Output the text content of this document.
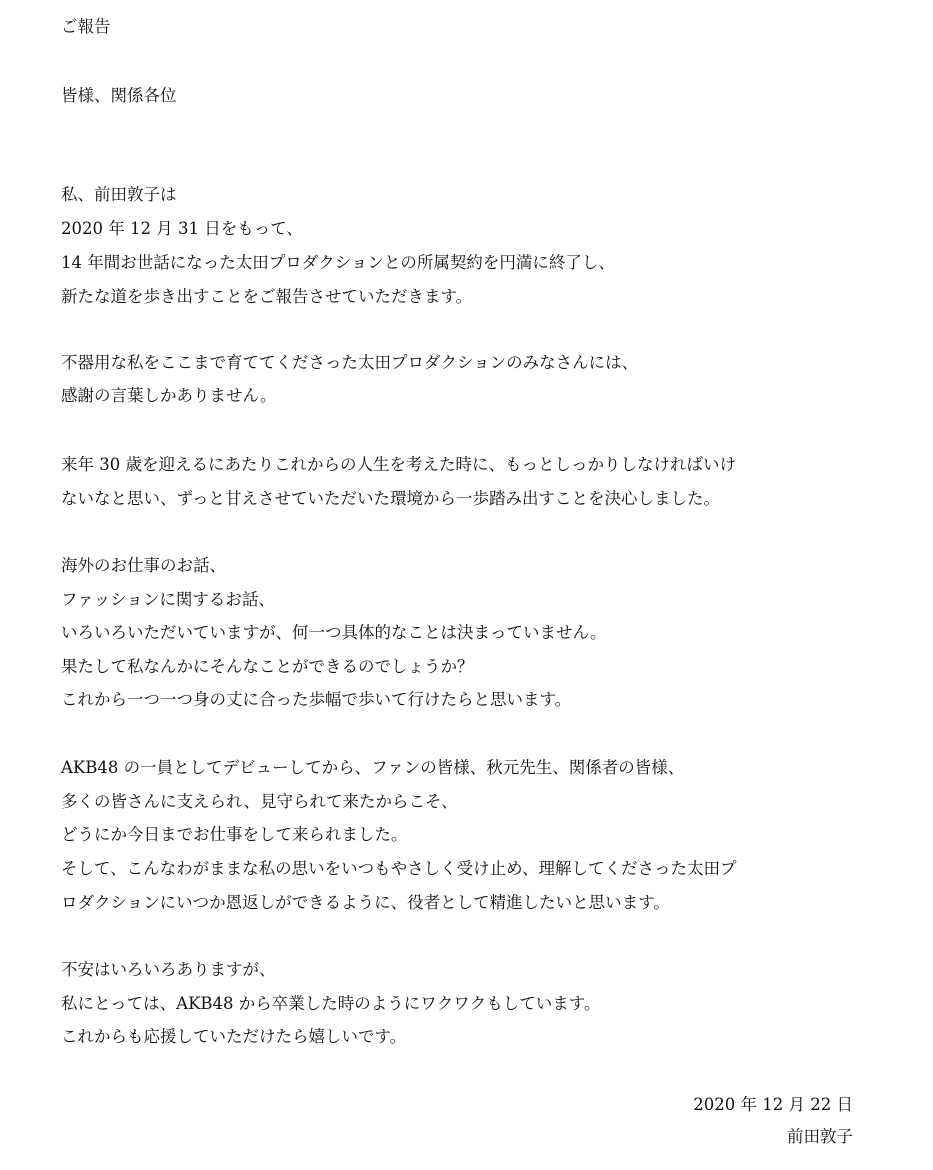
ご報告
皆様、関係各位
私、前田敦子は
2020 年 12 月 31 日をもって、
14 年間お世話になった太田プロダクションとの所属契約を円満に終了し、
新たな道を歩き出すことをご報告させていただきます。
不器用な私をここまで育ててくださった太田プロダクションのみなさんには、
感謝の言葉しかありません。
来年 30 歳を迎えるにあたりこれからの人生を考えた時に、もっとしっかりしなければいけ
ないなと思い、ずっと甘えさせていただいた環境から一歩踏み出すことを決心しました。
海外のお仕事のお話、
ファッションに関するお話、
いろいろいただいていますが、何一つ具体的なことは決まっていません。
果たして私なんかにそんなことができるのでしょうか？
これから一つ一つ身の丈に合った歩幅で歩いて行けたらと思います。
AKB48 の一員としてデビューしてから、ファンの皆様、秋元先生、関係者の皆様、
多くの皆さんに支えられ、見守られて来たからこそ、
どうにか今日までお仕事をして来られました。
そして、こんなわがままな私の思いをいつもやさしく受け止め、理解してくださった太田プ
ロダクションにいつか恩返しができるように、役者として精進したいと思います。
不安はいろいろありますが、
私にとっては、AKB48 から卒業した時のようにワクワクもしています。
これからも応援していただけたら嬉しいです。
2020 年 12 月 22 日
前田敦子
